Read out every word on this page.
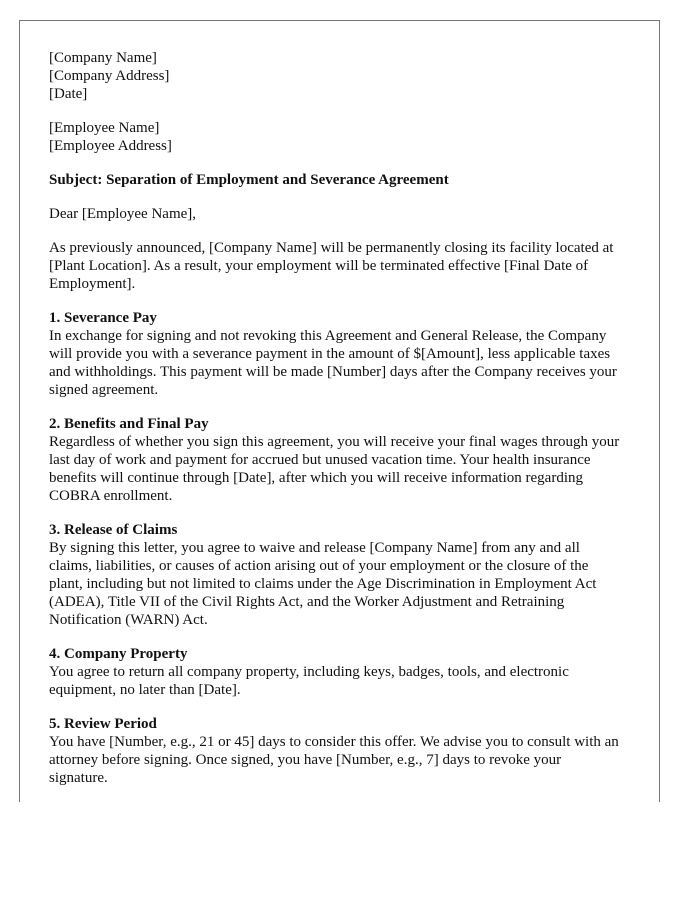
[Company Name]
[Company Address]
[Date]
[Employee Name]
[Employee Address]
Subject: Separation of Employment and Severance Agreement
Dear [Employee Name],

As previously announced, [Company Name] will be permanently closing its facility located at [Plant Location]. As a result, your employment will be terminated effective [Final Date of Employment].

1. Severance Pay
In exchange for signing and not revoking this Agreement and General Release, the Company will provide you with a severance payment in the amount of $[Amount], less applicable taxes and withholdings. This payment will be made [Number] days after the Company receives your signed agreement.
2. Benefits and Final Pay
Regardless of whether you sign this agreement, you will receive your final wages through your last day of work and payment for accrued but unused vacation time. Your health insurance benefits will continue through [Date], after which you will receive information regarding COBRA enrollment.
3. Release of Claims
By signing this letter, you agree to waive and release [Company Name] from any and all claims, liabilities, or causes of action arising out of your employment or the closure of the plant, including but not limited to claims under the Age Discrimination in Employment Act (ADEA), Title VII of the Civil Rights Act, and the Worker Adjustment and Retraining Notification (WARN) Act.
4. Company Property
You agree to return all company property, including keys, badges, tools, and electronic equipment, no later than [Date].
5. Review Period
You have [Number, e.g., 21 or 45] days to consider this offer. We advise you to consult with an attorney before signing. Once signed, you have [Number, e.g., 7] days to revoke your signature.
